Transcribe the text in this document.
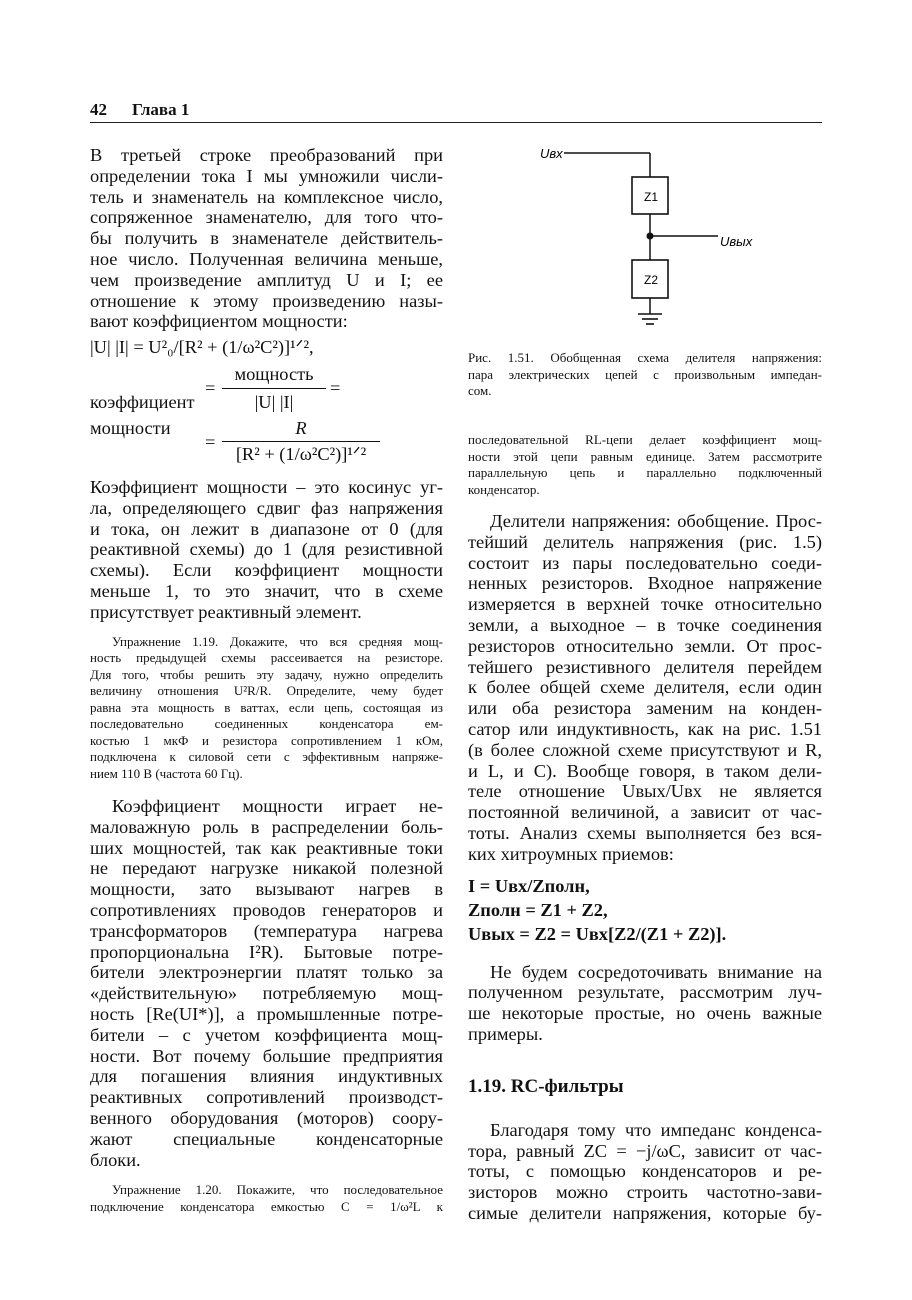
42 Глава 1
В третьей строке преобразований при
определении тока I мы умножили числи-
тель и знаменатель на комплексное число,
сопряженное знаменателю, для того что-
бы получить в знаменателе действитель-
ное число. Полученная величина меньше,
чем произведение амплитуд U и I; ее
отношение к этому произведению назы-
вают коэффициентом мощности:
|U| |I| = U²₀/[R² + (1/ω²C²)]¹ᐟ²,
коэффициент
мощности
=
мощность
|U| |I|
=
=
R
[R² + (1/ω²C²)]¹ᐟ²
Коэффициент мощности – это косинус уг-
ла, определяющего сдвиг фаз напряжения
и тока, он лежит в диапазоне от 0 (для
реактивной схемы) до 1 (для резистивной
схемы). Если коэффициент мощности
меньше 1, то это значит, что в схеме
присутствует реактивный элемент.
Упражнение 1.19. Докажите, что вся средняя мощ-
ность предыдущей схемы рассеивается на резисторе.
Для того, чтобы решить эту задачу, нужно определить
величину отношения U²R/R. Определите, чему будет
равна эта мощность в ваттах, если цепь, состоящая из
последовательно соединенных конденсатора ем-
костью 1 мкФ и резистора сопротивлением 1 кОм,
подключена к силовой сети с эффективным напряже-
нием 110 В (частота 60 Гц).
Коэффициент мощности играет не-
маловажную роль в распределении боль-
ших мощностей, так как реактивные токи
не передают нагрузке никакой полезной
мощности, зато вызывают нагрев в
сопротивлениях проводов генераторов и
трансформаторов (температура нагрева
пропорциональна I²R). Бытовые потре-
бители электроэнергии платят только за
«действительную» потребляемую мощ-
ность [Re(UI*)], а промышленные потре-
бители – с учетом коэффициента мощ-
ности. Вот почему большие предприятия
для погашения влияния индуктивных
реактивных сопротивлений производст-
венного оборудования (моторов) соору-
жают специальные конденсаторные
блоки.
Упражнение 1.20. Покажите, что последовательное
подключение конденсатора емкостью C = 1/ω²L к
Uвх
Z1
Uвых
Z2
Рис. 1.51. Обобщенная схема делителя напряжения:
пара электрических цепей с произвольным импедан-
сом.
последовательной RL-цепи делает коэффициент мощ-
ности этой цепи равным единице. Затем рассмотрите
параллельную цепь и параллельно подключенный
конденсатор.
Делители напряжения: обобщение. Прос-
тейший делитель напряжения (рис. 1.5)
состоит из пары последовательно соеди-
ненных резисторов. Входное напряжение
измеряется в верхней точке относительно
земли, а выходное – в точке соединения
резисторов относительно земли. От прос-
тейшего резистивного делителя перейдем
к более общей схеме делителя, если один
или оба резистора заменим на конден-
сатор или индуктивность, как на рис. 1.51
(в более сложной схеме присутствуют и R,
и L, и C). Вообще говоря, в таком дели-
теле отношение Uвых/Uвх не является
постоянной величиной, а зависит от час-
тоты. Анализ схемы выполняется без вся-
ких хитроумных приемов:
I = Uвх/Zполн,
Zполн = Z1 + Z2,
Uвых = Z2 = Uвх[Z2/(Z1 + Z2)].
Не будем сосредоточивать внимание на
полученном результате, рассмотрим луч-
ше некоторые простые, но очень важные
примеры.
1.19. RC-фильтры
Благодаря тому что импеданс конденса-
тора, равный ZC = −j/ωC, зависит от час-
тоты, с помощью конденсаторов и ре-
зисторов можно строить частотно-зави-
симые делители напряжения, которые бу-
